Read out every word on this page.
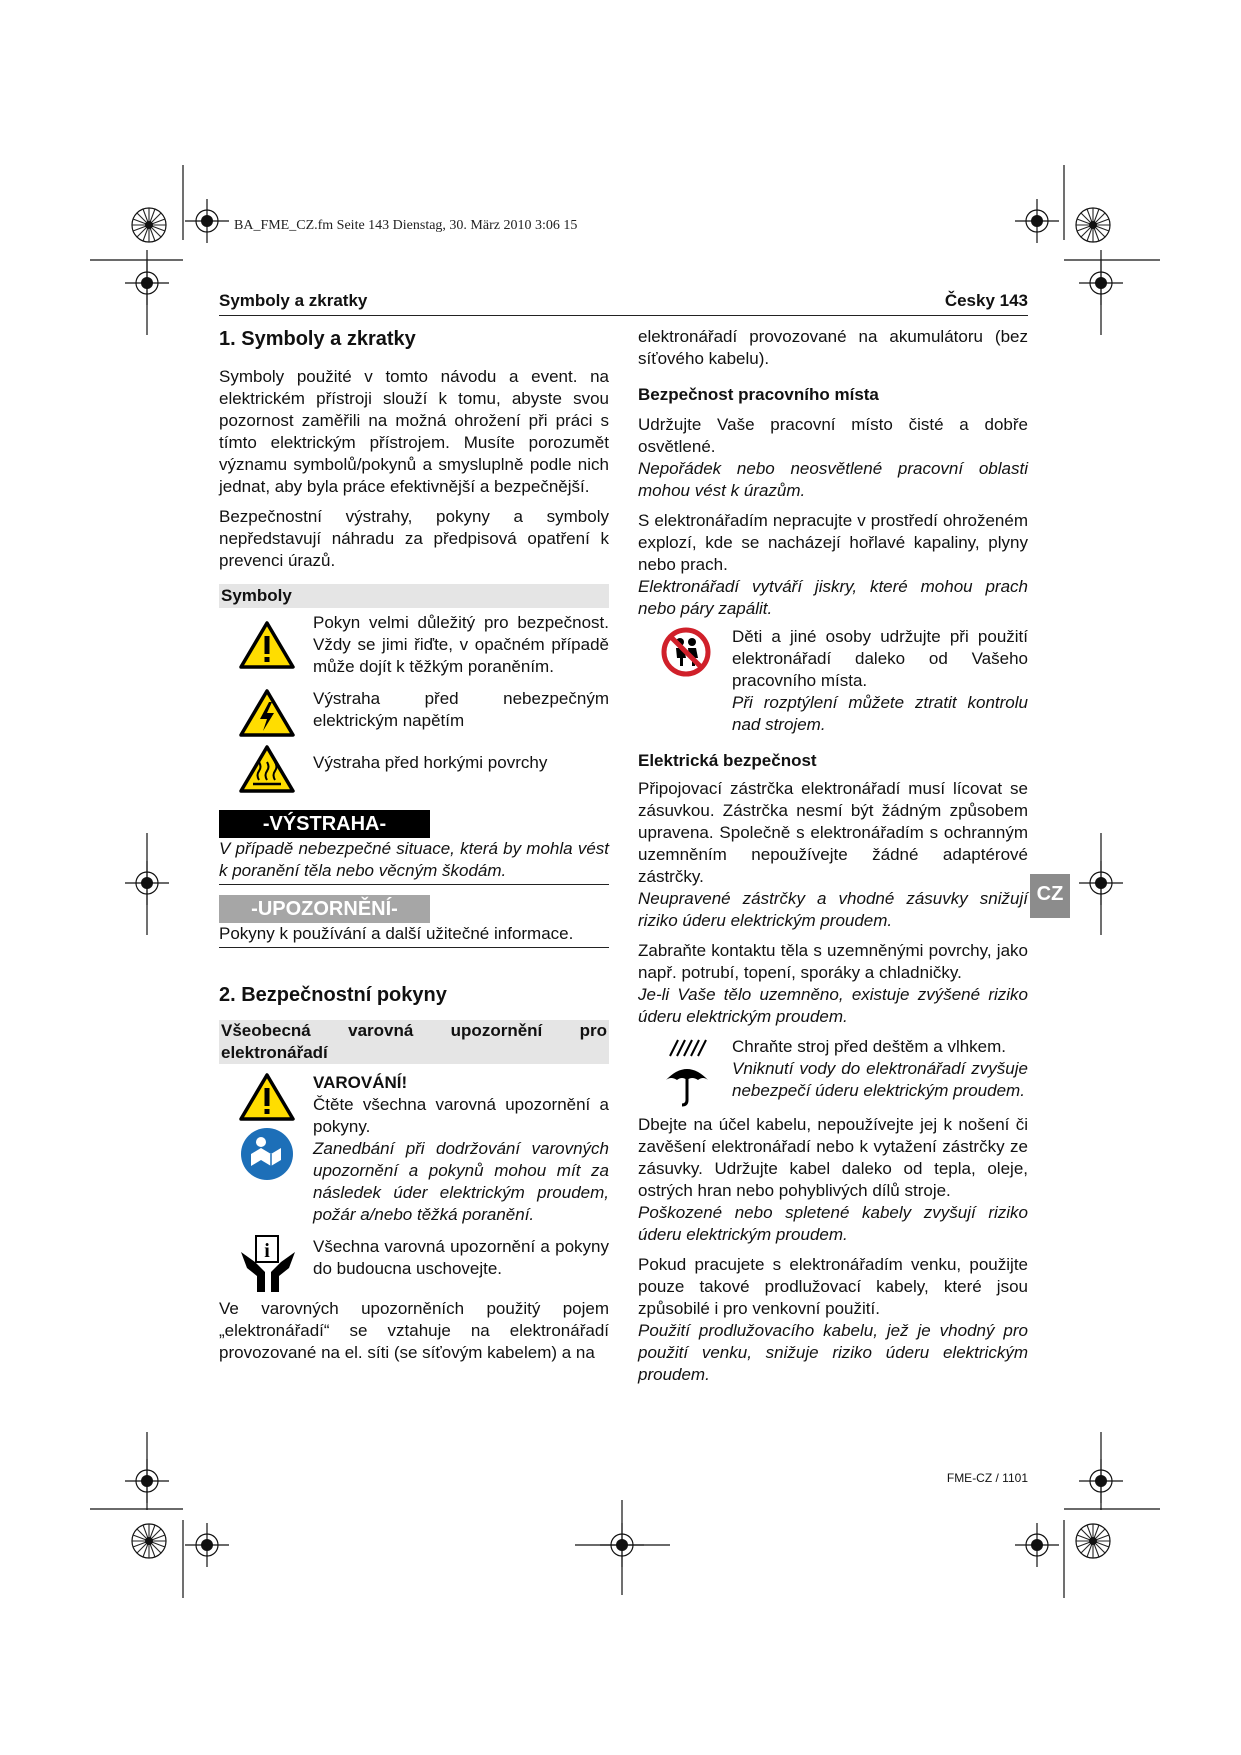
BA_FME_CZ.fm Seite 143 Dienstag, 30. März 2010 3:06 15
Symboly a zkratky	Česky 143
CZ
1. Symboly a zkratky

Symboly použité v tomto návodu a event. na elektrickém přístroji slouží k tomu, abyste svou pozornost zaměřili na možná ohrožení při práci s tímto elektrickým přístrojem. Musíte porozumět významu symbolů/pokynů a smysluplně podle nich jednat, aby byla práce efektivnější a bezpečnější.

Bezpečnostní výstrahy, pokyny a symboly nepředstavují náhradu za předpisová opatření k prevenci úrazů.

Symboly

Pokyn velmi důležitý pro bezpečnost. Vždy se jimi řiďte, v opačném případě může dojít k těžkým poraněním.

Výstraha před nebezpečným elektrickým napětím

Výstraha před horkými povrchy

-VÝSTRAHA-

V případě nebezpečné situace, která by mohla vést k poranění těla nebo věcným škodám.

-UPOZORNĚNÍ-

Pokyny k používání a další užitečné informace.

2. Bezpečnostní pokyny
Všeobecná varovná upozornění pro elektronářadí

VAROVÁNÍ!

Čtěte všechna varovná upozornění a pokyny.

Zanedbání při dodržování varovných upozornění a pokynů mohou mít za následek úder elektrickým proudem, požár a/nebo těžká poranění.

i	Všechna varovná upozornění a pokyny do budoucna uschovejte.

Ve varovných upozorněních použitý pojem „elektronářadí“ se vztahuje na elektronářadí provozované na el. síti (se síťovým kabelem) a na

elektronářadí provozované na akumulátoru (bez síťového kabelu).

Bezpečnost pracovního místa

Udržujte Vaše pracovní místo čisté a dobře osvětlené.

Nepořádek nebo neosvětlené pracovní oblasti mohou vést k úrazům.

S elektronářadím nepracujte v prostředí ohroženém explozí, kde se nacházejí hořlavé kapaliny, plyny nebo prach.

Elektronářadí vytváří jiskry, které mohou prach nebo páry zapálit.

Děti a jiné osoby udržujte při použití elektronářadí daleko od Vašeho pracovního místa.

Při rozptýlení můžete ztratit kontrolu nad strojem.

Elektrická bezpečnost

Připojovací zástrčka elektronářadí musí lícovat se zásuvkou. Zástrčka nesmí být žádným způsobem upravena. Společně s elektronářadím s ochranným uzemněním nepoužívejte žádné adaptérové zástrčky.

Neupravené zástrčky a vhodné zásuvky snižují riziko úderu elektrickým proudem.

Zabraňte kontaktu těla s uzemněnými povrchy, jako např. potrubí, topení, sporáky a chladničky.

Je-li Vaše tělo uzemněno, existuje zvýšené riziko úderu elektrickým proudem.

Chraňte stroj před deštěm a vlhkem.

Vniknutí vody do elektronářadí zvyšuje nebezpečí úderu elektrickým proudem.

Dbejte na účel kabelu, nepoužívejte jej k nošení či zavěšení elektronářadí nebo k vytažení zástrčky ze zásuvky. Udržujte kabel daleko od tepla, oleje, ostrých hran nebo pohyblivých dílů stroje.

Poškozené nebo spletené kabely zvyšují riziko úderu elektrickým proudem.

Pokud pracujete s elektronářadím venku, použijte pouze takové prodlužovací kabely, které jsou způsobilé i pro venkovní použití.

Použití prodlužovacího kabelu, jež je vhodný pro použití venku, snižuje riziko úderu elektrickým proudem.

FME-CZ / 1101
